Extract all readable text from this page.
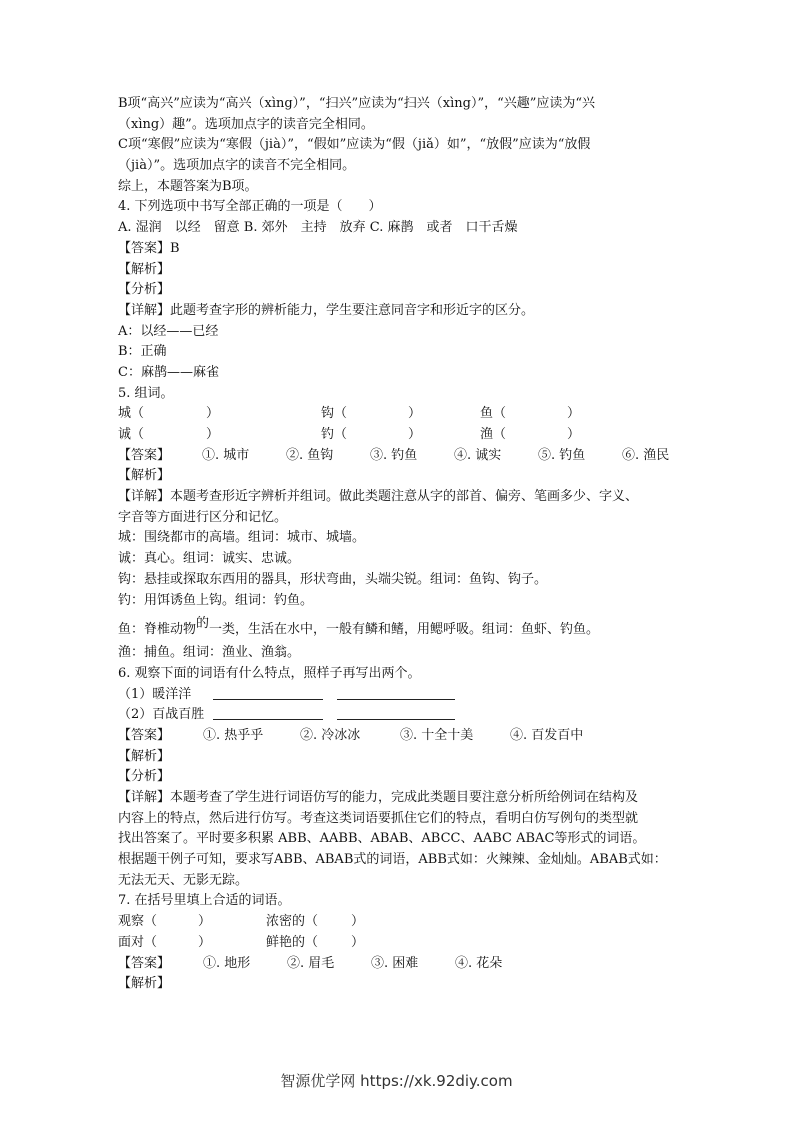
B项“高兴”应读为“高兴（xìng）”，“扫兴”应读为“扫兴（xìng）”，“兴趣”应读为“兴
（xìng）趣”。选项加点字的读音完全相同。
C项“寒假”应读为“寒假（jià）”，“假如”应读为“假（jiǎ）如”，“放假”应读为“放假
（jià）”。选项加点字的读音不完全相同。
综上，本题答案为B项。
4. 下列选项中书写全部正确的一项是（　　）
A. 湿润　以经　留意 B. 郊外　主持　放弃 C. 麻鹊　或者　口干舌燥
【答案】B
【解析】
【分析】
【详解】此题考查字形的辨析能力，学生要注意同音字和形近字的区分。
A：以经——已经
B：正确
C：麻鹊——麻雀
5. 组词。
城（	）	钩（	）	鱼（	）
诚（	）	钓（	）	渔（	）
【答案】 ①. 城市	②. 鱼钩	③. 钓鱼	④. 诚实	⑤. 钓鱼	⑥. 渔民
【解析】
【详解】本题考查形近字辨析并组词。做此类题注意从字的部首、偏旁、笔画多少、字义、
字音等方面进行区分和记忆。
城：围绕都市的高墙。组词：城市、城墙。
诚：真心。组词：诚实、忠诚。
钩：悬挂或探取东西用的器具，形状弯曲，头端尖锐。组词：鱼钩、钩子。
钓：用饵诱鱼上钩。组词：钓鱼。
鱼：脊椎动物的一类，生活在水中，一般有鳞和鳍，用鳃呼吸。组词：鱼虾、钓鱼。
渔：捕鱼。组词：渔业、渔翁。
6. 观察下面的词语有什么特点，照样子再写出两个。
（1）暖洋洋
（2）百战百胜
【答案】	①. 热乎乎	②. 冷冰冰	③. 十全十美	④. 百发百中
【解析】
【分析】
【详解】本题考查了学生进行词语仿写的能力，完成此类题目要注意分析所给例词在结构及
内容上的特点，然后进行仿写。考查这类词语要抓住它们的特点，看明白仿写例句的类型就
找出答案了。平时要多积累 ABB、AABB、ABAB、ABCC、AABC ABAC等形式的词语。
根据题干例子可知，要求写ABB、ABAB式的词语，ABB式如：火辣辣、金灿灿。ABAB式如：
无法无天、无影无踪。
7. 在括号里填上合适的词语。
观察（	）	浓密的（	）
面对（	）	鲜艳的（	）
【答案】	①. 地形	②. 眉毛	③. 困难	④. 花朵
【解析】
智源优学网 https://xk.92diy.com
